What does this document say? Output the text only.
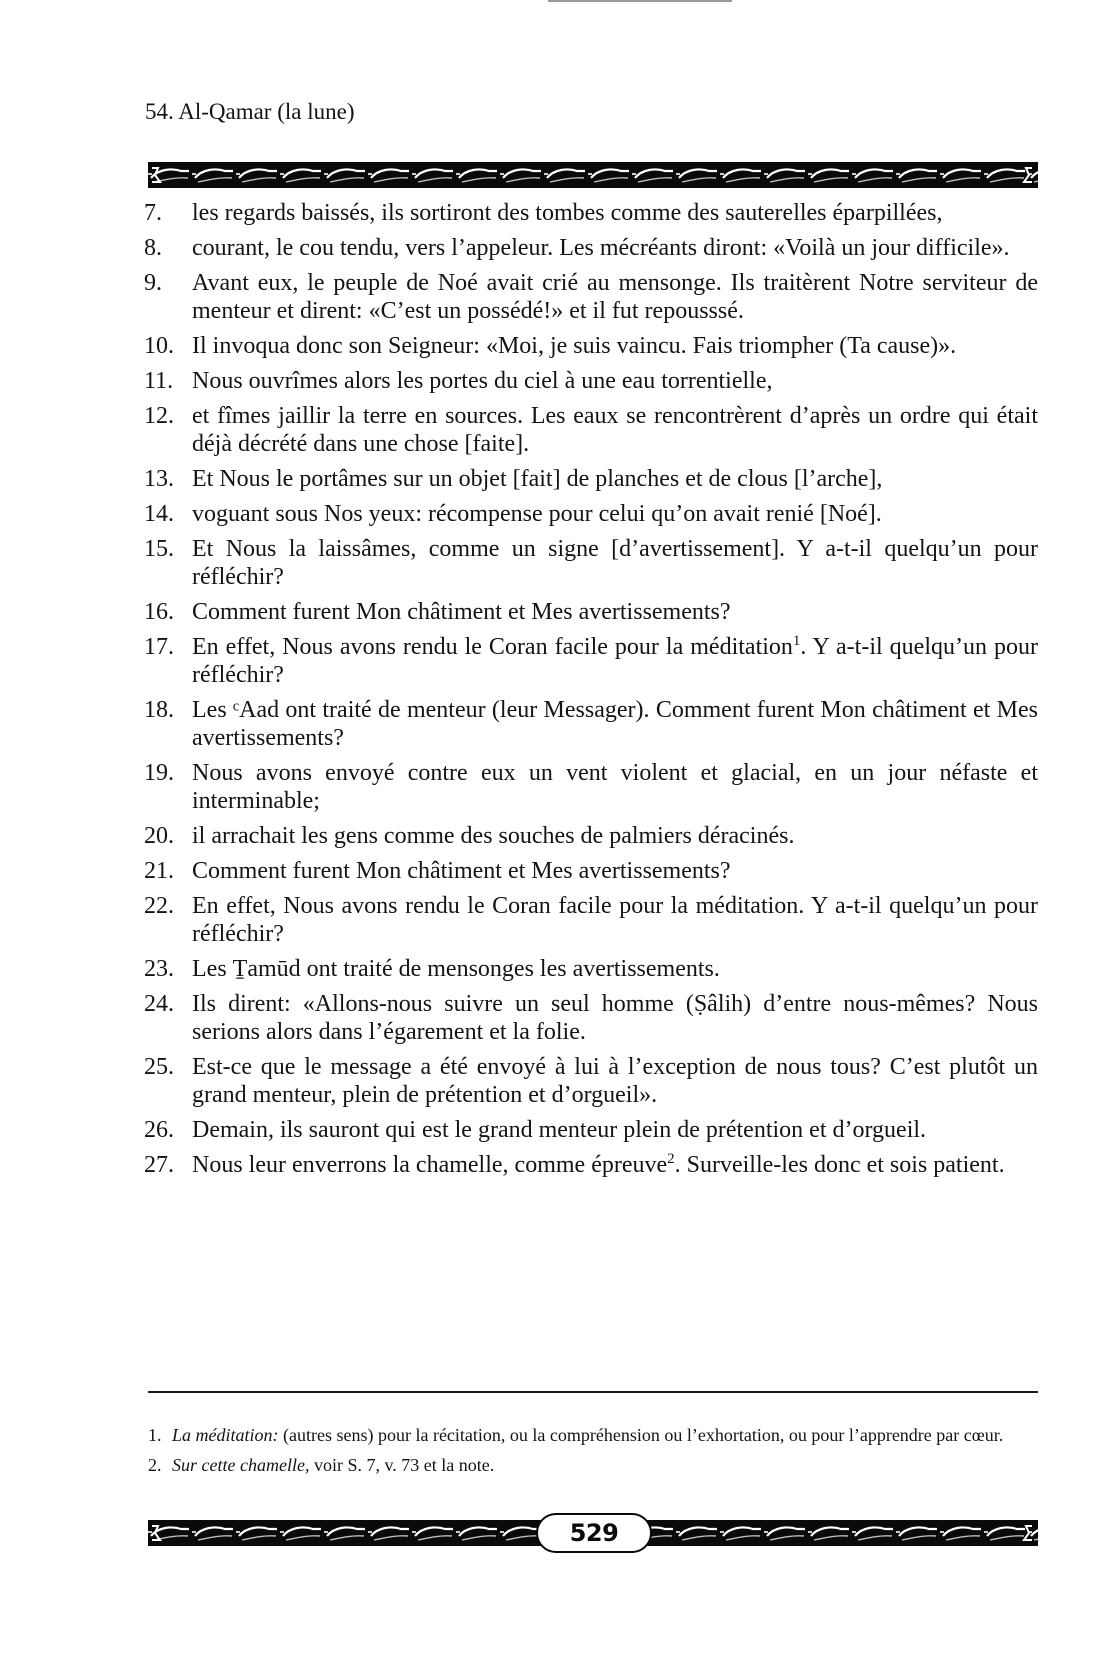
54. Al-Qamar (la lune)
7.	les regards baissés, ils sortiront des tombes comme des sauterelles éparpillées,
8.	courant, le cou tendu, vers l’appeleur. Les mécréants diront: «Voilà un jour difficile».
9.	Avant eux, le peuple de Noé avait crié au mensonge. Ils traitèrent Notre serviteur de menteur et dirent: «C’est un possédé!» et il fut repousssé.
10. Il invoqua donc son Seigneur: «Moi, je suis vaincu. Fais triompher (Ta cause)».
11. Nous ouvrîmes alors les portes du ciel à une eau torrentielle,
12. et fîmes jaillir la terre en sources. Les eaux se rencontrèrent d’après un ordre qui était déjà décrété dans une chose [faite].
13. Et Nous le portâmes sur un objet [fait] de planches et de clous [l’arche],
14. voguant sous Nos yeux: récompense pour celui qu’on avait renié [Noé].
15. Et Nous la laissâmes, comme un signe [d’avertissement]. Y a-t-il quelqu’un pour réfléchir?
16. Comment furent Mon châtiment et Mes avertissements?
17. En effet, Nous avons rendu le Coran facile pour la méditation$^1$. Y a-t-il quelqu’un pour réfléchir?
18. Les ᶜAad ont traité de menteur (leur Messager). Comment furent Mon châtiment et Mes avertissements?
19. Nous avons envoyé contre eux un vent violent et glacial, en un jour néfaste et interminable;
20. il arrachait les gens comme des souches de palmiers déracinés.
21. Comment furent Mon châtiment et Mes avertissements?
22. En effet, Nous avons rendu le Coran facile pour la méditation. Y a-t-il quelqu’un pour réfléchir?
23. Les Ṯamūd ont traité de mensonges les avertissements.
24. Ils dirent: «Allons-nous suivre un seul homme (Ṣâlih) d’entre nous-mêmes? Nous serions alors dans l’égarement et la folie.
25. Est-ce que le message a été envoyé à lui à l’exception de nous tous? C’est plutôt un grand menteur, plein de prétention et d’orgueil».
26. Demain, ils sauront qui est le grand menteur plein de prétention et d’orgueil.
27. Nous leur enverrons la chamelle, comme épreuve$^2$. Surveille-les donc et sois patient.
1. La méditation: (autres sens) pour la récitation, ou la compréhension ou l’exhortation, ou pour l’apprendre par cœur.
2. Sur cette chamelle, voir S. 7, v. 73 et la note.
529
